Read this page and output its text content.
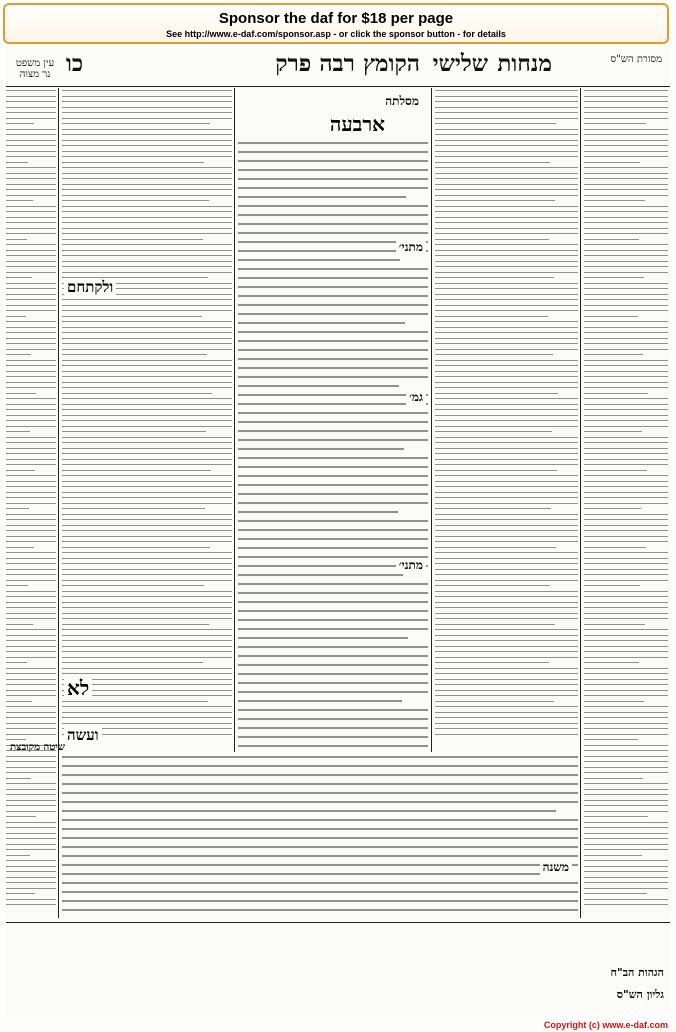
Sponsor the daf for $18 per page
See http://www.e-daf.com/sponsor.asp - or click the sponsor button - for details
מסורת הש"ס
הקומץ רבה פרק שלישי מנחות
כו
עין משפט נר מצוה
ולקתחם
לא
ועשה
מסלתה
ארבעה
מתני׳
גמ׳
מתני׳
משנה
שיטה מקובצת
הגהות הב"ח
גליון הש"ס
Copyright (c) www.e-daf.com
